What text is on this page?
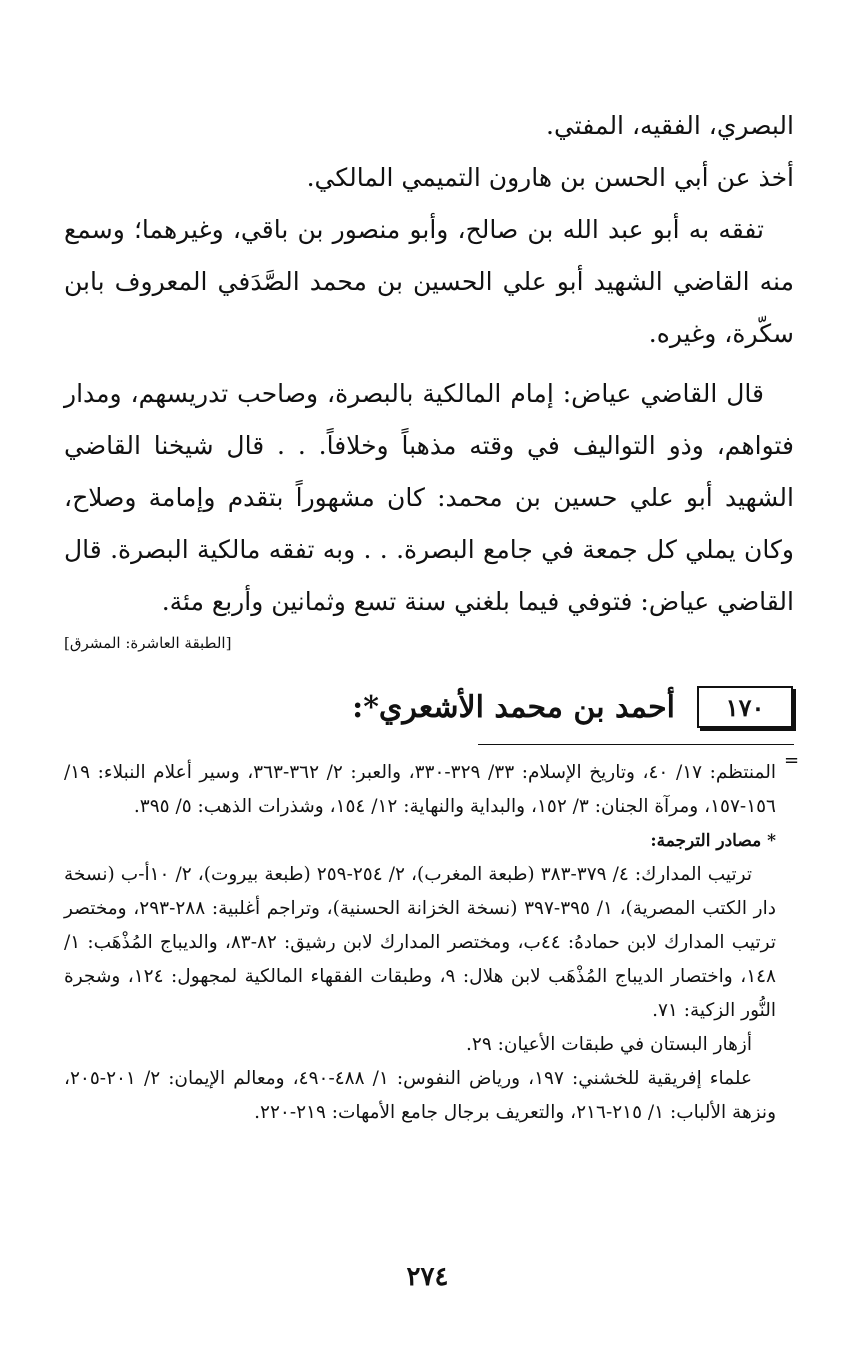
البصري، الفقيه، المفتي.

أخذ عن أبي الحسن بن هارون التميمي المالكي.

تفقه به أبو عبد الله بن صالح، وأبو منصور بن باقي، وغيرهما؛ وسمع منه القاضي الشهيد أبو علي الحسين بن محمد الصَّدَفي المعروف بابن سكّرة، وغيره.

قال القاضي عياض: إمام المالكية بالبصرة، وصاحب تدريسهم، ومدار فتواهم، وذو التواليف في وقته مذهباً وخلافاً. . . قال شيخنا القاضي الشهيد أبو علي حسين بن محمد: كان مشهوراً بتقدم وإمامة وصلاح، وكان يملي كل جمعة في جامع البصرة. . . وبه تفقه مالكية البصرة. قال القاضي عياض: فتوفي فيما بلغني سنة تسع وثمانين وأربع مئة.

[الطبقة العاشرة: المشرق]
١٧٠
أحمد بن محمد الأشعري*:
=

المنتظم: ١٧/ ٤٠، وتاريخ الإسلام: ٣٣/ ٣٢٩-٣٣٠، والعبر: ٢/ ٣٦٢-٣٦٣، وسير أعلام النبلاء: ١٩/ ١٥٦-١٥٧، ومرآة الجنان: ٣/ ١٥٢، والبداية والنهاية: ١٢/ ١٥٤، وشذرات الذهب: ٥/ ٣٩٥.

* مصادر الترجمة:

ترتيب المدارك: ٤/ ٣٧٩-٣٨٣ (طبعة المغرب)، ٢/ ٢٥٤-٢٥٩ (طبعة بيروت)، ٢/ ١٠أ-ب (نسخة دار الكتب المصرية)، ١/ ٣٩٥-٣٩٧ (نسخة الخزانة الحسنية)، وتراجم أغلبية: ٢٨٨-٢٩٣، ومختصر ترتيب المدارك لابن حمادهُ: ٤٤ب، ومختصر المدارك لابن رشيق: ٨٢-٨٣، والديباج المُذْهَب: ١/ ١٤٨، واختصار الديباج المُذْهَب لابن هلال: ٩، وطبقات الفقهاء المالكية لمجهول: ١٢٤، وشجرة النُّور الزكية: ٧١.

أزهار البستان في طبقات الأعيان: ٢٩.

علماء إفريقية للخشني: ١٩٧، ورياض النفوس: ١/ ٤٨٨-٤٩٠، ومعالم الإيمان: ٢/ ٢٠١-٢٠٥، ونزهة الألباب: ١/ ٢١٥-٢١٦، والتعريف برجال جامع الأمهات: ٢١٩-٢٢٠.

٢٧٤
